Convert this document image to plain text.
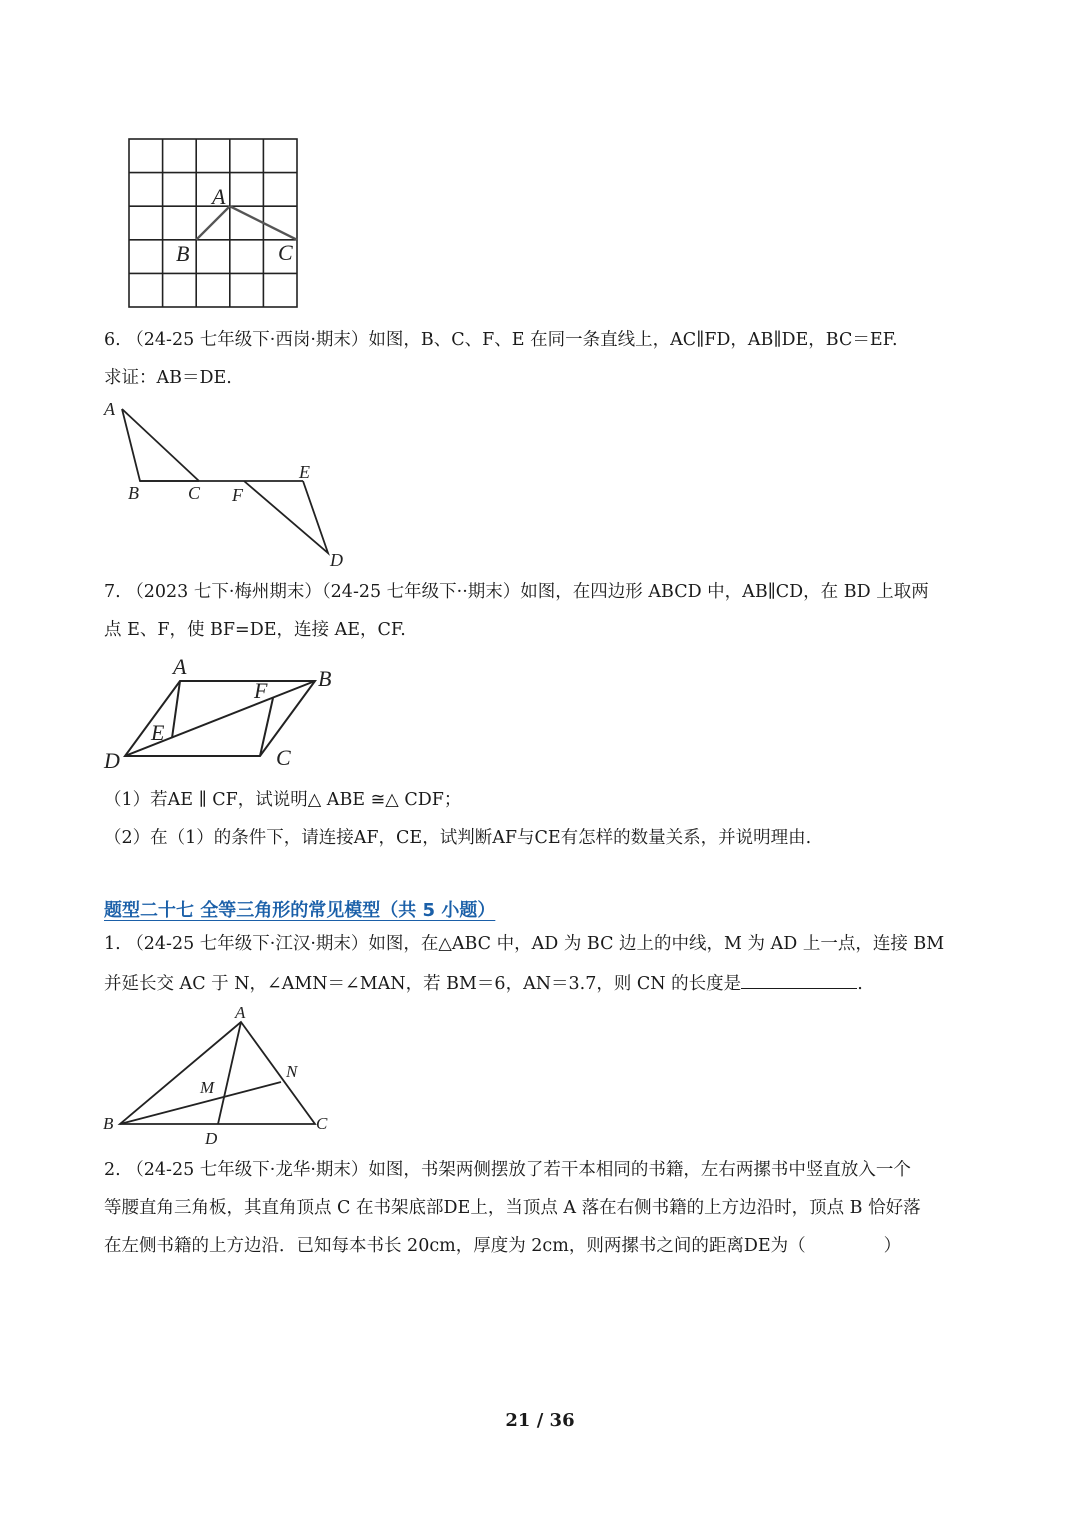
A
B	C
6. （24-25 七年级下·西岗·期末）如图，B、C、F、E 在同一条直线上，AC∥FD，AB∥DE，BC＝EF.
求证：AB＝DE.
A
B	C F
E
D
7. （2023 七下·梅州期末）（24-25 七年级下··期末）如图，在四边形 ABCD 中，AB∥CD，在 BD 上取两
点 E、F，使 BF=DE，连接 AE，CF.
A	B
F
E
D	C
（1）若AE ∥ CF，试说明△ ABE ≅△ CDF；
（2）在（1）的条件下，请连接AF，CE，试判断AF与CE有怎样的数量关系，并说明理由.
题型二十七 全等三角形的常见模型（共 5 小题）
1. （24-25 七年级下·江汉·期末）如图，在△ABC 中，AD 为 BC 边上的中线，M 为 AD 上一点，连接 BM
并延长交 AC 于 N，∠AMN＝∠MAN，若 BM＝6，AN＝3.7，则 CN 的长度是	.
A
N
M
B	C
D
2. （24-25 七年级下·龙华·期末）如图，书架两侧摆放了若干本相同的书籍，左右两摞书中竖直放入一个
等腰直角三角板，其直角顶点 C 在书架底部DE上，当顶点 A 落在右侧书籍的上方边沿时，顶点 B 恰好落
在左侧书籍的上方边沿．已知每本书长 20cm，厚度为 2cm，则两摞书之间的距离DE为（	）
21 / 36
